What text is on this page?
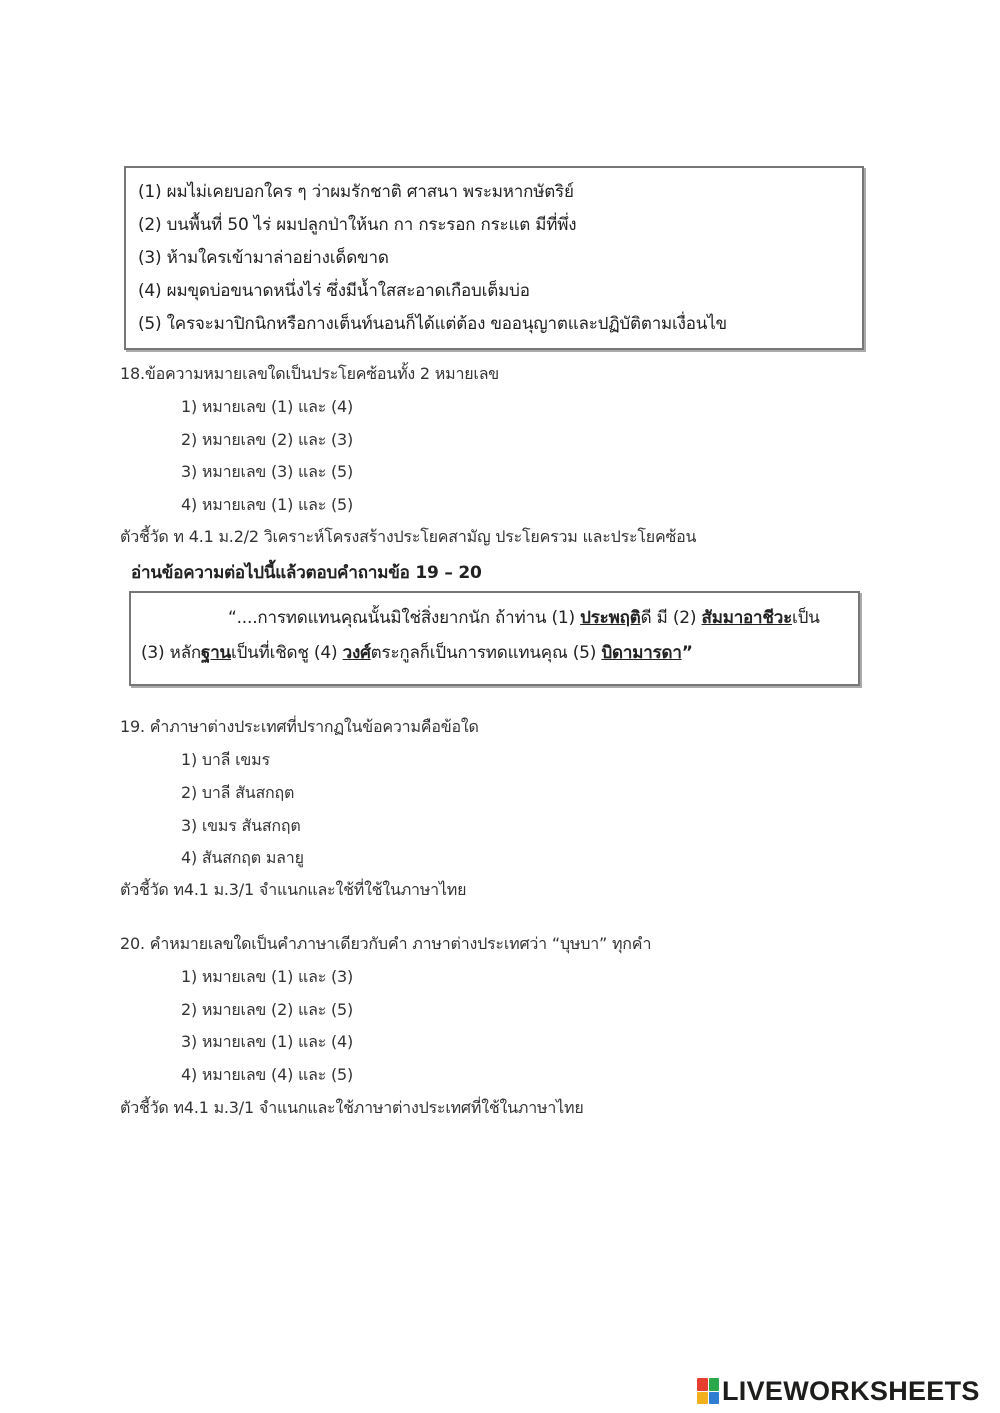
(1) ผมไม่เคยบอกใคร ๆ ว่าผมรักชาติ ศาสนา พระมหากษัตริย์
(2) บนพื้นที่ 50 ไร่ ผมปลูกป่าให้นก กา กระรอก กระแต มีที่พึ่ง
(3) ห้ามใครเข้ามาล่าอย่างเด็ดขาด
(4) ผมขุดบ่อขนาดหนึ่งไร่ ซึ่งมีน้ำใสสะอาดเกือบเต็มบ่อ
(5) ใครจะมาปิกนิกหรือกางเต็นท์นอนก็ได้แต่ต้อง ขออนุญาตและปฏิบัติตามเงื่อนไข
18.ข้อความหมายเลขใดเป็นประโยคซ้อนทั้ง 2 หมายเลข
1) หมายเลข (1) และ (4)
2) หมายเลข (2) และ (3)
3) หมายเลข (3) และ (5)
4) หมายเลข (1) และ (5)
ตัวชี้วัด ท 4.1 ม.2/2 วิเคราะห์โครงสร้างประโยคสามัญ ประโยครวม และประโยคซ้อน
อ่านข้อความต่อไปนี้แล้วตอบคำถามข้อ 19 – 20
“....การทดแทนคุณนั้นมิใช่สิ่งยากนัก ถ้าท่าน (1) ประพฤติดี มี (2) สัมมาอาชีวะเป็น
(3) หลักฐานเป็นที่เชิดชู (4) วงศ์ตระกูลก็เป็นการทดแทนคุณ (5) บิดามารดา”
19. คำภาษาต่างประเทศที่ปรากฏในข้อความคือข้อใด
1) บาลี เขมร
2) บาลี สันสกฤต
3) เขมร สันสกฤต
4) สันสกฤต มลายู
ตัวชี้วัด ท4.1 ม.3/1 จำแนกและใช้ที่ใช้ในภาษาไทย
20. คำหมายเลขใดเป็นคำภาษาเดียวกับคำ ภาษาต่างประเทศว่า “บุษบา” ทุกคำ
1) หมายเลข (1) และ (3)
2) หมายเลข (2) และ (5)
3) หมายเลข (1) และ (4)
4) หมายเลข (4) และ (5)
ตัวชี้วัด ท4.1 ม.3/1 จำแนกและใช้ภาษาต่างประเทศที่ใช้ในภาษาไทย
LIVEWORKSHEETS
